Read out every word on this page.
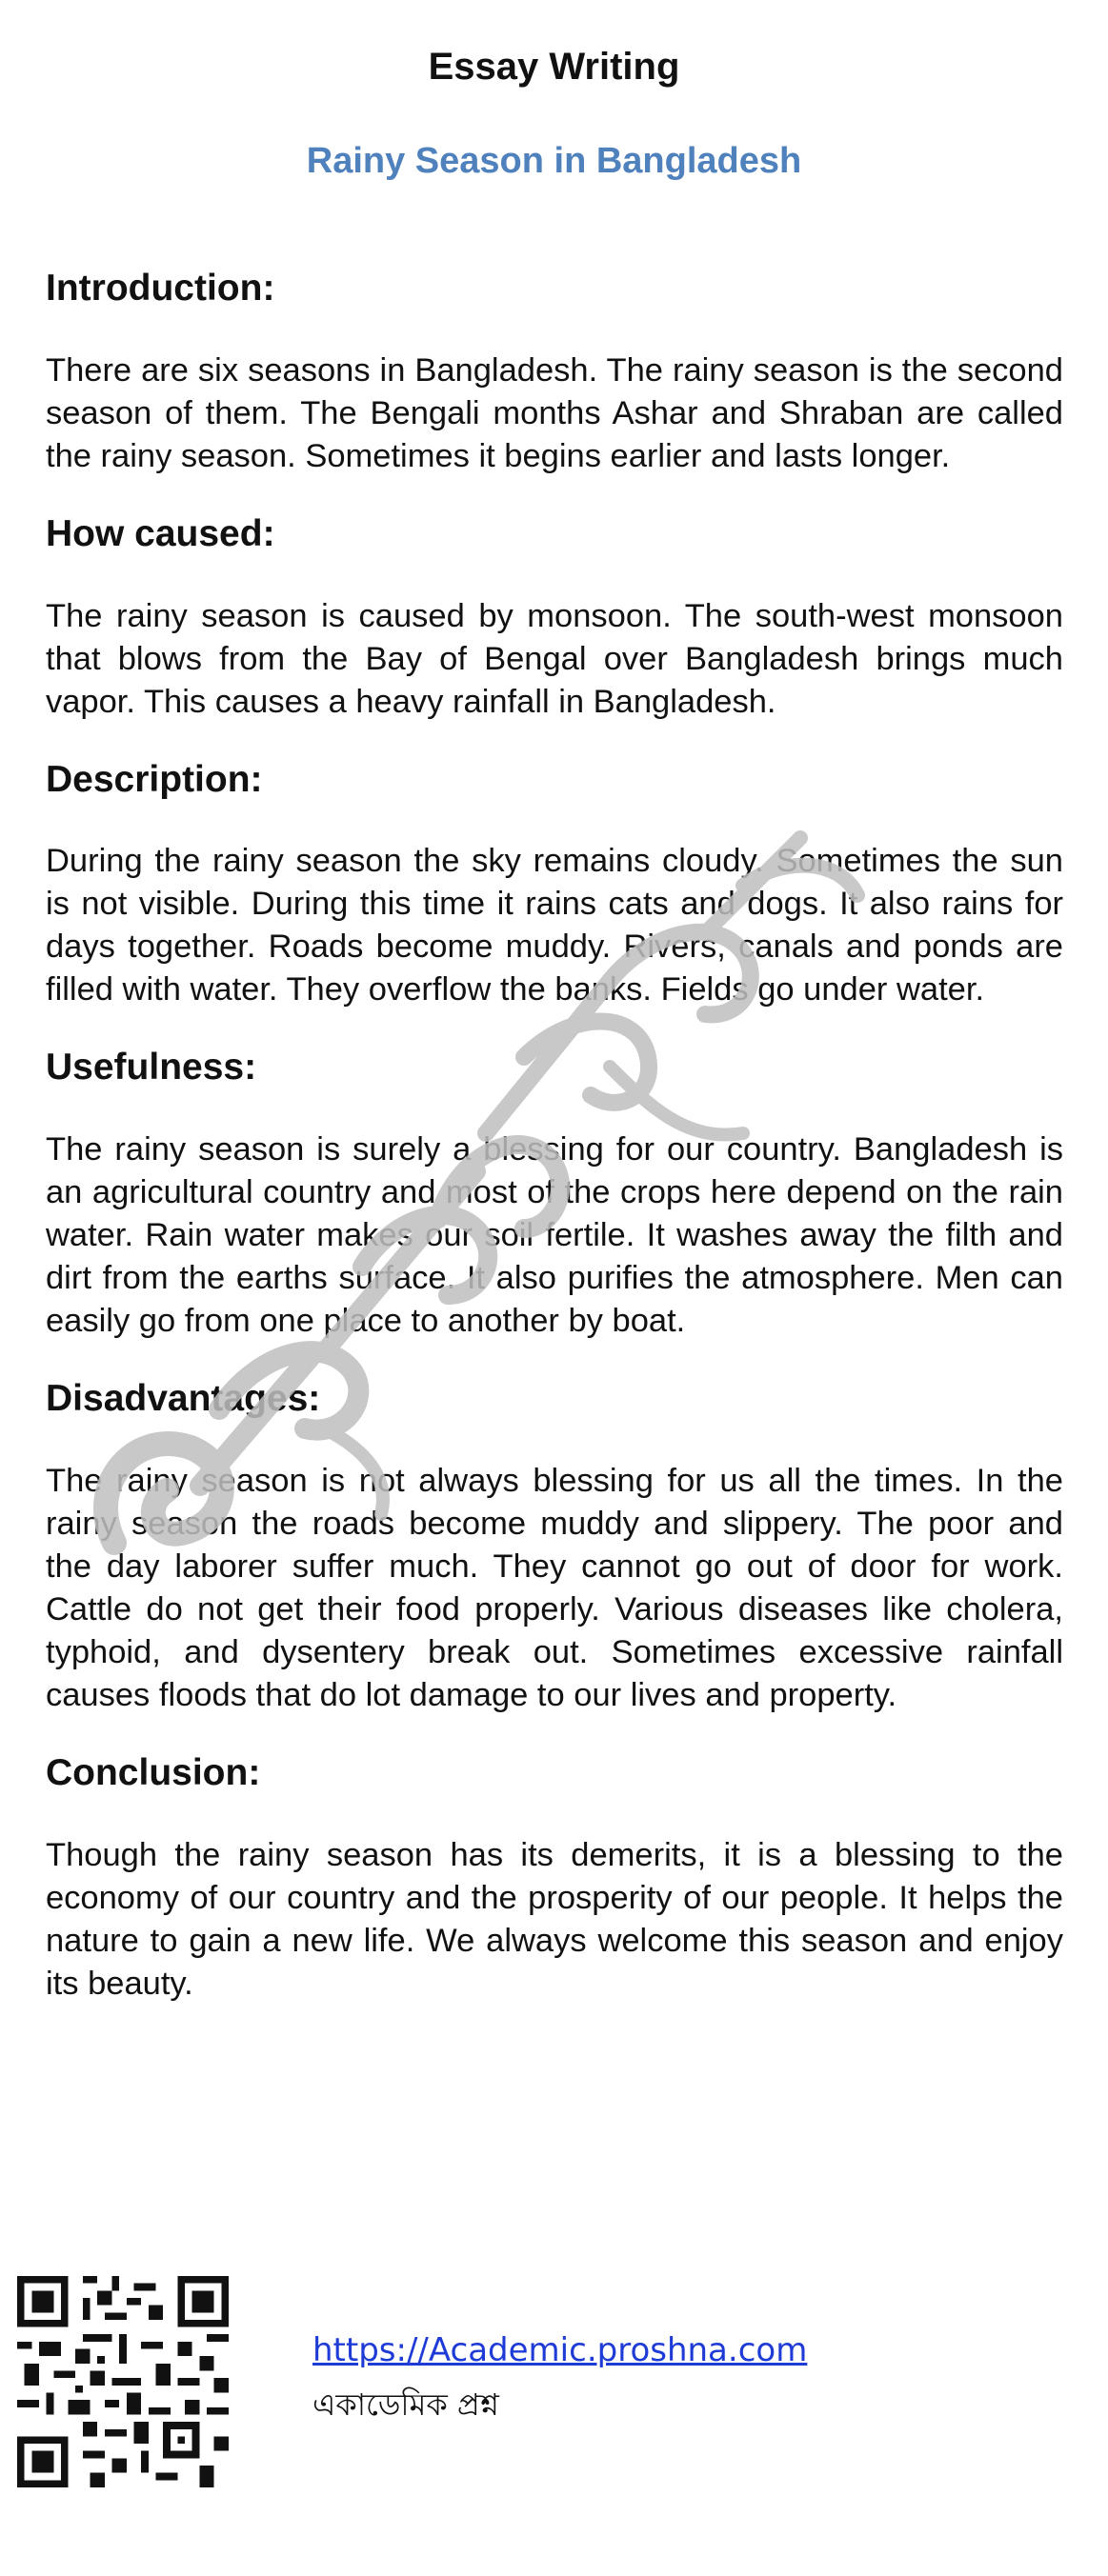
Essay Writing
Rainy Season in Bangladesh
Introduction:

There are six seasons in Bangladesh. The rainy season is the second season of them. The Bengali months Ashar and Shraban are called the rainy season. Sometimes it begins earlier and lasts longer.

How caused:

The rainy season is caused by monsoon. The south-west monsoon that blows from the Bay of Bengal over Bangladesh brings much vapor. This causes a heavy rainfall in Bangladesh.

Description:

During the rainy season the sky remains cloudy. Sometimes the sun is not visible. During this time it rains cats and dogs. It also rains for days together. Roads become muddy. Rivers, canals and ponds are filled with water. They overflow the banks. Fields go under water.

Usefulness:

The rainy season is surely a blessing for our country. Bangladesh is an agricultural country and most of the crops here depend on the rain water. Rain water makes our soil fertile. It washes away the filth and dirt from the earths surface. It also purifies the atmosphere. Men can easily go from one place to another by boat.

Disadvantages:

The rainy season is not always blessing for us all the times. In the rainy season the roads become muddy and slippery. The poor and the day laborer suffer much. They cannot go out of door for work. Cattle do not get their food properly. Various diseases like cholera, typhoid, and dysentery break out. Sometimes excessive rainfall causes floods that do lot damage to our lives and property.

Conclusion:

Though the rainy season has its demerits, it is a blessing to the economy of our country and the prosperity of our people. It helps the nature to gain a new life. We always welcome this season and enjoy its beauty.

https://Academic.proshna.com
একাডেমিক প্রশ্ন
